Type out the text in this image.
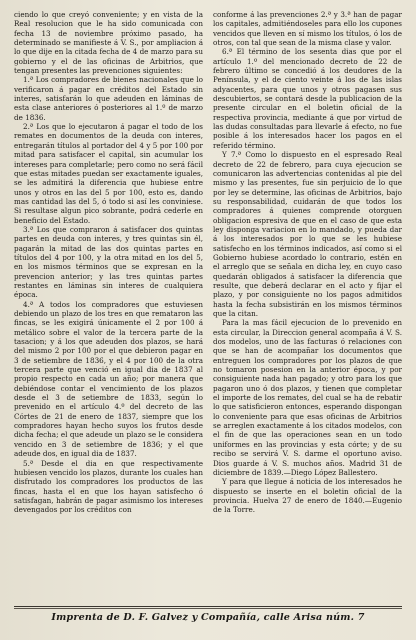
ciendo lo que creyó conveniente; y en vista de la Real resolucion que le ha sido comunicada con fecha 13 de noviembre próximo pasado, ha determinado se manifieste á V. S., por ampliacion á lo que dije en la citada fecha de 4 de marzo para su gobierno y el de las oficinas de Arbitrios, que tengan presentes las prevenciones siguientes:

1.ª Los compradores de bienes nacionales que lo verificaron á pagar en créditos del Estado sin interes, satisfarán lo que adeuden en láminas de esta clase anteriores ó posteriores al 1.º de marzo de 1836.

2.ª Los que lo ejecutaron á pagar el todo de los remates en documentos de la deuda con interes, entregarán títulos al portador del 4 y 5 por 100 por mitad para satisfacer el capital, sin acumular los intereses para completarle; pero como no será fácil que estas mitades puedan ser exactamente iguales, se les admitirá la diferencia que hubiese entre unos y otros en las del 5 por 100, esto es, dando mas cantidad las del 5, ó todo si así les conviniese. Si resultase algun pico sobrante, podrá cederle en beneficio del Estado.

3.ª Los que compraron á satisfacer dos quintas partes en deuda con interes, y tres quintas sin él, pagarán la mitad de las dos quintas partes en títulos del 4 por 100, y la otra mitad en los del 5, en los mismos términos que se expresan en la prevencion anterior; y las tres quintas partes restantes en láminas sin interes de cualquiera época.

4.ª A todos los compradores que estuviesen debiendo un plazo de los tres en que remataron las fincas, se les exigirá únicamente el 2 por 100 á metálico sobre el valor de la tercera parte de la tasacion; y á los que adeuden dos plazos, se hará del mismo 2 por 100 por el que debieron pagar en 3 de setiembre de 1836, y el 4 por 100 de la otra tercera parte que venció en igual dia de 1837 al propio respecto en cada un año; por manera que debiéndose contar el vencimiento de los plazos desde el 3 de setiembre de 1833, según lo prevenido en el artículo 4.º del decreto de las Córtes de 21 de enero de 1837, siempre que los compradores hayan hecho suyos los frutos desde dicha fecha; el que adeude un plazo se le considera vencido en 3 de setiembre de 1836; y el que adeude dos, en igual dia de 1837.

5.ª Desde el dia en que respectivamente hubiesen vencido los plazos, durante los cuales han disfrutado los compradores los productos de las fincas, hasta el en que los hayan satisfecho ó satisfagan, habrán de pagar asimismo los intereses devengados por los créditos con

conforme á las prevenciones 2.ª y 3.ª han de pagar los capitales, admitiéndoseles para ello los cupones vencidos que lleven en sí mismo los títulos, ó los de otros, con tal que sean de la misma clase y valor.

6.ª El término de los sesenta dias que por el artículo 1.º del mencionado decreto de 22 de febrero último se concedió á los deudores de la Península, y el de ciento veinte á los de las islas adyacentes, para que unos y otros pagasen sus descubiertos, se contará desde la publicacion de la presente circular en el boletin oficial de la respectiva provincia, mediante á que por virtud de las dudas consultadas para llevarle á efecto, no fue posible á los interesados hacer los pagos en el referido término.

Y 7.ª Como lo dispuesto en el espresado Real decreto de 22 de febrero, para cuya ejecucion se comunicaron las advertencias contenidas al pie del mismo y las presentes, fue sin perjuicio de lo que por ley se determine, las oficinas de Arbitrios, bajo su responsabilidad, cuidarán de que todos los compradores á quienes comprende otorguen obligacion espresiva de que en el caso de que esta ley disponga variacion en lo mandado, y pueda dar á los interesados por lo que se les hubiese satisfecho en los términos indicados, así como si el Gobierno hubiese acordado lo contrario, estén en el arreglo que se señala en dicha ley, en cuyo caso quedarán obligados á satisfacer la diferencia que resulte, que deberá declarar en el acto y fijar el plazo, y por consiguiente no los pagos admitidos hasta la fecha subsistirán en los mismos términos que la citan.

Para la mas fácil ejecucion de lo prevenido en esta circular, la Direccion general acompaña á V. S. dos modelos, uno de las facturas ó relaciones con que se han de acompañar los documentos que entreguen los compradores por los plazos de que no tomaron posesion en la anterior época, y por consiguiente nada han pagado; y otro para los que pagaron uno ó dos plazos, y tienen que completar el importe de los remates, del cual se ha de rebatir lo que satisficieron entonces, esperando dispongan lo conveniente para que esas oficinas de Arbitrios se arreglen exactamente á los citados modelos, con el fin de que las operaciones sean en un todo uniformes en las provincias y esta córte; y de su recibo se servirá V. S. darme el oportuno aviso. Dios guarde á V. S. muchos años. Madrid 31 de diciembre de 1839.—Diego López Ballestero.

Y para que llegue á noticia de los interesados he dispuesto se inserte en el boletin oficial de la provincia. Huelva 27 de enero de 1840.—Eugenio de la Torre.

Imprenta de D. F. Galvez y Compañía, calle Arisa núm. 7
